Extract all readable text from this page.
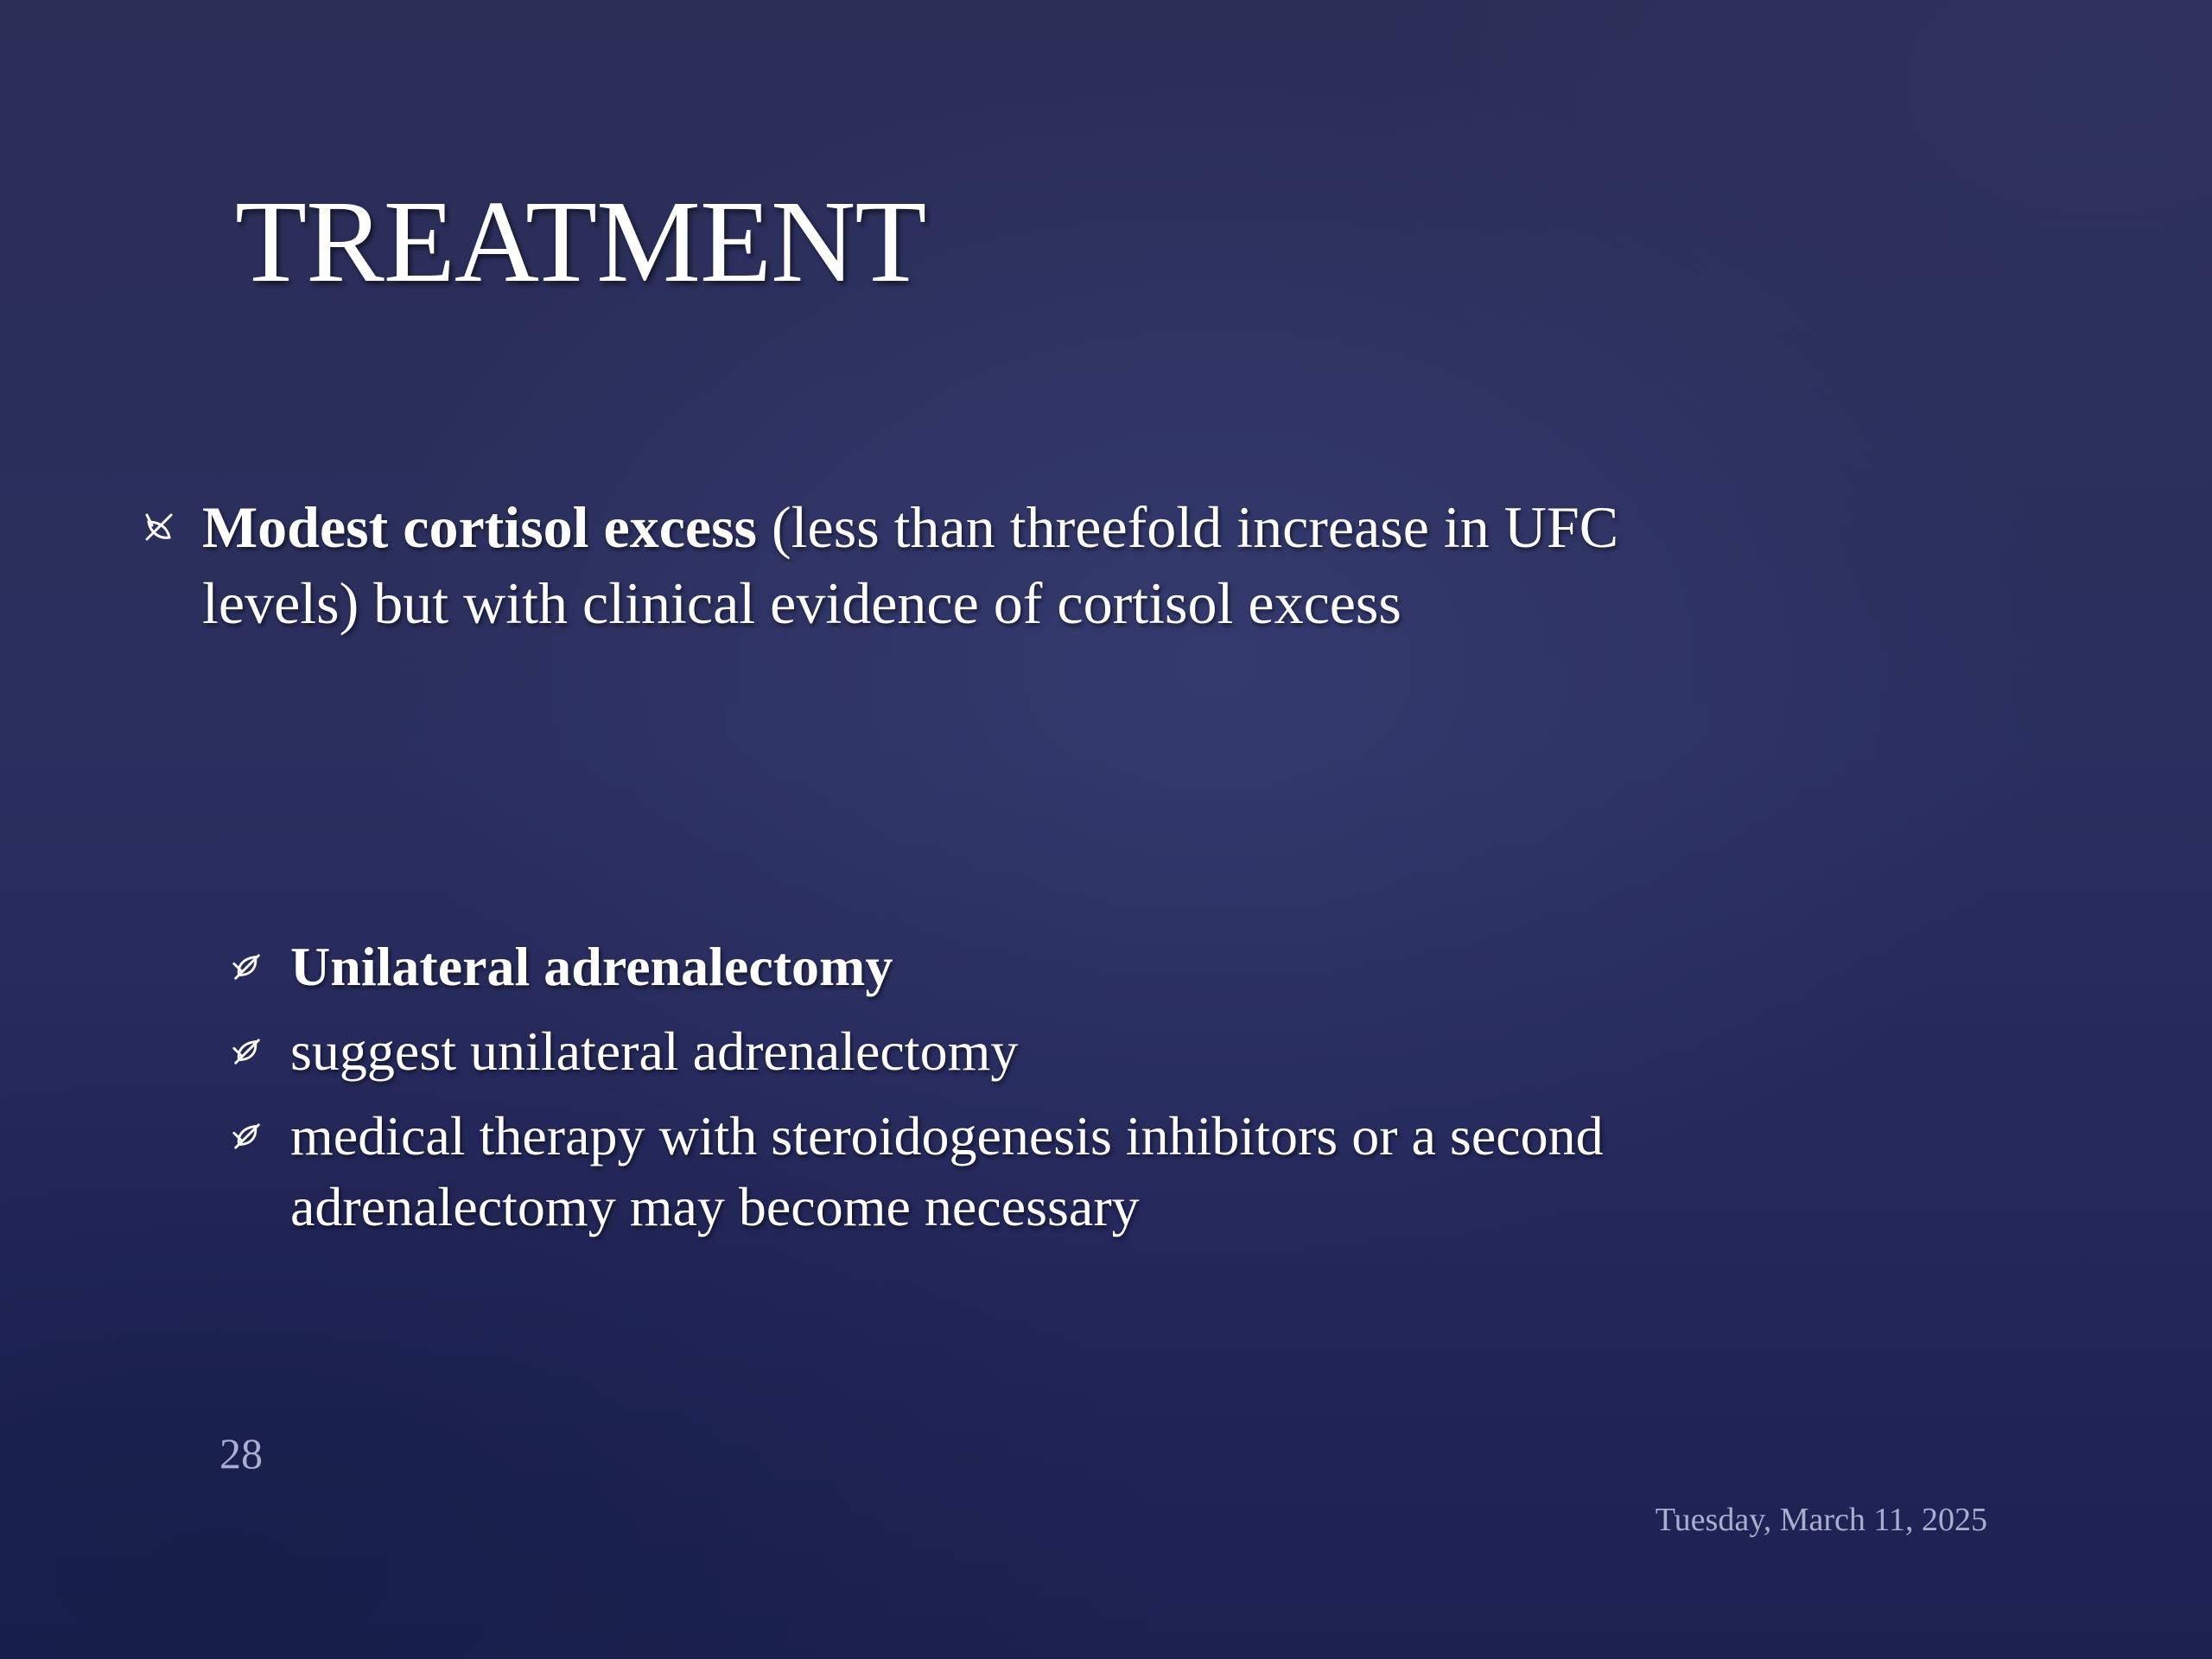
TREATMENT
Modest cortisol excess (less than threefold increase in UFC
levels) but with clinical evidence of cortisol excess
Unilateral adrenalectomy
suggest unilateral adrenalectomy
medical therapy with steroidogenesis inhibitors or a second
adrenalectomy may become necessary
28
Tuesday, March 11, 2025
